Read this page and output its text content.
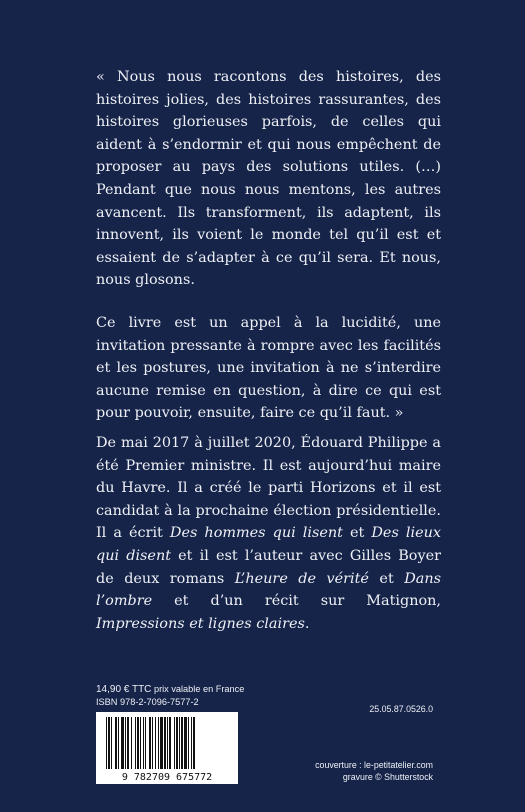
« Nous nous racontons des histoires, des histoires jolies, des histoires rassurantes, des histoires glorieuses parfois, de celles qui aident à s’endormir et qui nous empêchent de proposer au pays des solutions utiles. (…) Pendant que nous nous mentons, les autres avancent. Ils transforment, ils adaptent, ils innovent, ils voient le monde tel qu’il est et essaient de s’adapter à ce qu’il sera. Et nous, nous glosons.

Ce livre est un appel à la lucidité, une invitation pressante à rompre avec les facilités et les postures, une invitation à ne s’interdire aucune remise en question, à dire ce qui est pour pouvoir, ensuite, faire ce qu’il faut. »

De mai 2017 à juillet 2020, Édouard Philippe a été Premier ministre. Il est aujourd’hui maire du Havre. Il a créé le parti Horizons et il est candidat à la prochaine élection présidentielle. Il a écrit Des hommes qui lisent et Des lieux qui disent et il est l’auteur avec Gilles Boyer de deux romans L’heure de vérité et Dans l’ombre et d’un récit sur Matignon, Impressions et lignes claires.

14,90 € TTC prix valable en France
ISBN 978-2-7096-7577-2
9 782709 675772
25.05.87.0526.0
couverture : le-petitatelier.com
gravure © Shutterstock
